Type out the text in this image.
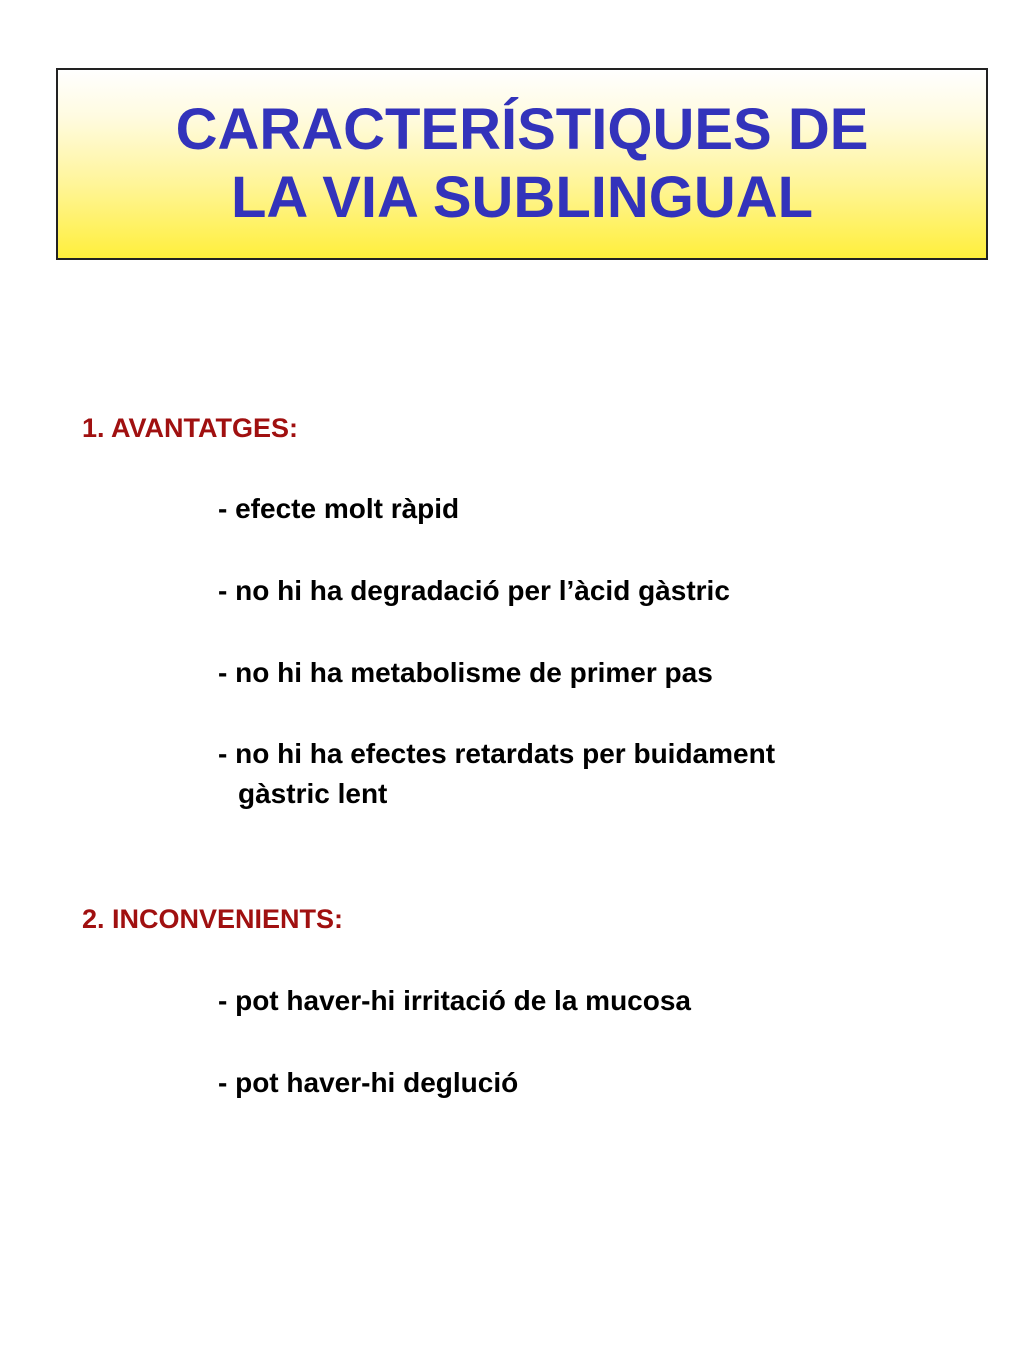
CARACTERÍSTIQUES DE
LA VIA SUBLINGUAL
1. AVANTATGES:
- efecte molt ràpid
- no hi ha degradació per l’àcid gàstric
- no hi ha metabolisme de primer pas
- no hi ha efectes retardats per buidament
gàstric lent
2. INCONVENIENTS:
- pot haver-hi irritació de la mucosa
- pot haver-hi deglució
